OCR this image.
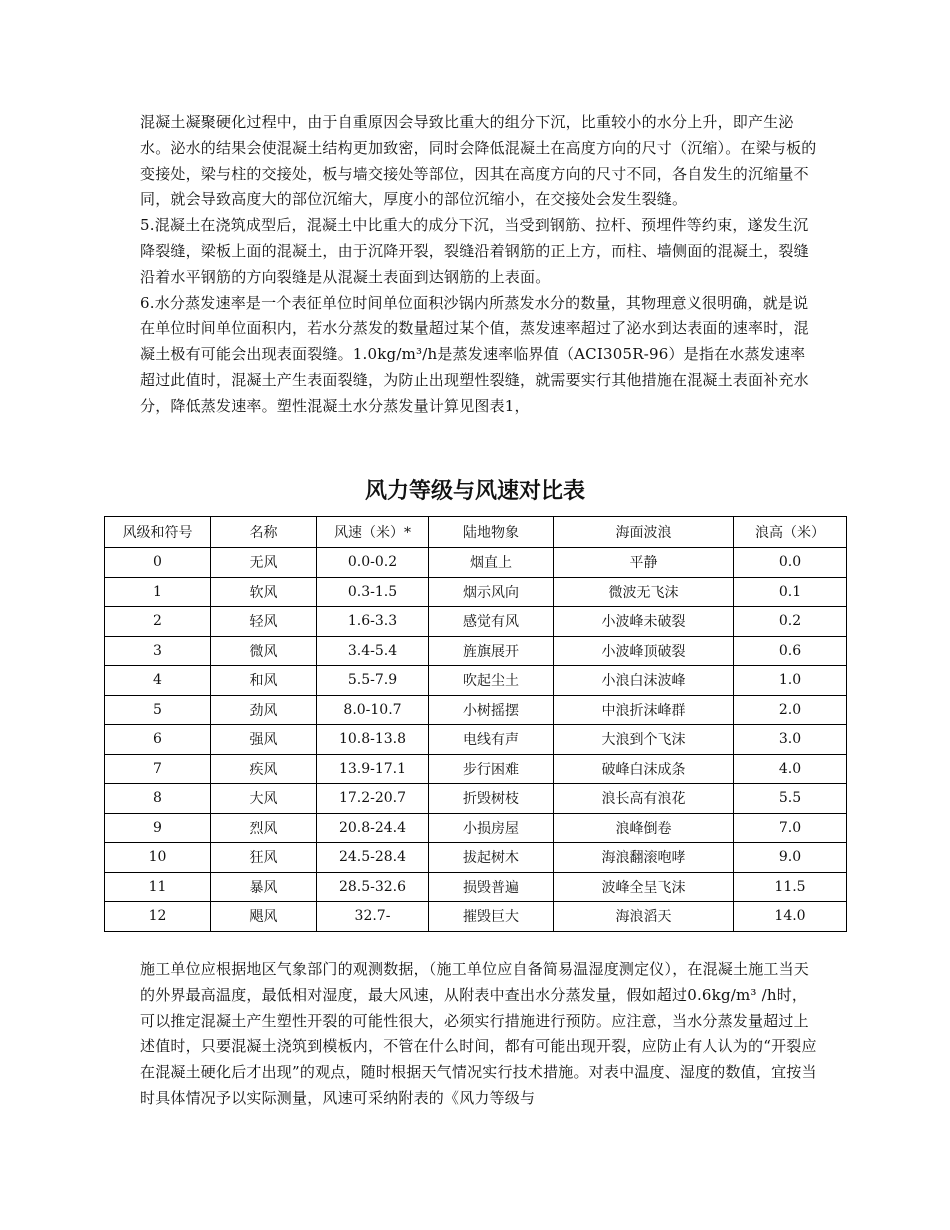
混凝土凝聚硬化过程中，由于自重原因会导致比重大的组分下沉，比重较小的水分上升，即产生泌水。泌水的结果会使混凝土结构更加致密，同时会降低混凝土在高度方向的尺寸（沉缩）。在梁与板的变接处，梁与柱的交接处，板与墙交接处等部位，因其在高度方向的尺寸不同，各自发生的沉缩量不同，就会导致高度大的部位沉缩大，厚度小的部位沉缩小，在交接处会发生裂缝。

5.混凝土在浇筑成型后，混凝土中比重大的成分下沉，当受到钢筋、拉杆、预埋件等约束，遂发生沉降裂缝，梁板上面的混凝土，由于沉降开裂，裂缝沿着钢筋的正上方，而柱、墙侧面的混凝土，裂缝沿着水平钢筋的方向裂缝是从混凝土表面到达钢筋的上表面。

6.水分蒸发速率是一个表征单位时间单位面积沙锅内所蒸发水分的数量，其物理意义很明确，就是说在单位时间单位面积内，若水分蒸发的数量超过某个值，蒸发速率超过了泌水到达表面的速率时，混凝土极有可能会出现表面裂缝。1.0kg/m³/h是蒸发速率临界值（ACI305R-96）是指在水蒸发速率超过此值时，混凝土产生表面裂缝，为防止出现塑性裂缝，就需要实行其他措施在混凝土表面补充水分，降低蒸发速率。塑性混凝土水分蒸发量计算见图表1，

风力等级与风速对比表
风级和符号	名称	风速（米）*	陆地物象	海面波浪	浪高（米）
0	无风	0.0-0.2	烟直上	平静	0.0
1	软风	0.3-1.5	烟示风向	微波无飞沫	0.1
2	轻风	1.6-3.3	感觉有风	小波峰未破裂	0.2
3	微风	3.4-5.4	旌旗展开	小波峰顶破裂	0.6
4	和风	5.5-7.9	吹起尘土	小浪白沫波峰	1.0
5	劲风	8.0-10.7	小树摇摆	中浪折沫峰群	2.0
6	强风	10.8-13.8	电线有声	大浪到个飞沫	3.0
7	疾风	13.9-17.1	步行困难	破峰白沫成条	4.0
8	大风	17.2-20.7	折毁树枝	浪长高有浪花	5.5
9	烈风	20.8-24.4	小损房屋	浪峰倒卷	7.0
10	狂风	24.5-28.4	拔起树木	海浪翻滚咆哮	9.0
11	暴风	28.5-32.6	损毁普遍	波峰全呈飞沫	11.5
12	飓风	32.7-	摧毁巨大	海浪滔天	14.0

施工单位应根据地区气象部门的观测数据，（施工单位应自备简易温湿度测定仪），在混凝土施工当天的外界最高温度，最低相对湿度，最大风速，从附表中查出水分蒸发量，假如超过0.6kg/m³ /h时，可以推定混凝土产生塑性开裂的可能性很大，必须实行措施进行预防。应注意，当水分蒸发量超过上述值时，只要混凝土浇筑到模板内，不管在什么时间，都有可能出现开裂，应防止有人认为的“开裂应在混凝土硬化后才出现”的观点，随时根据天气情况实行技术措施。对表中温度、湿度的数值，宜按当时具体情况予以实际测量，风速可采纳附表的《风力等级与
